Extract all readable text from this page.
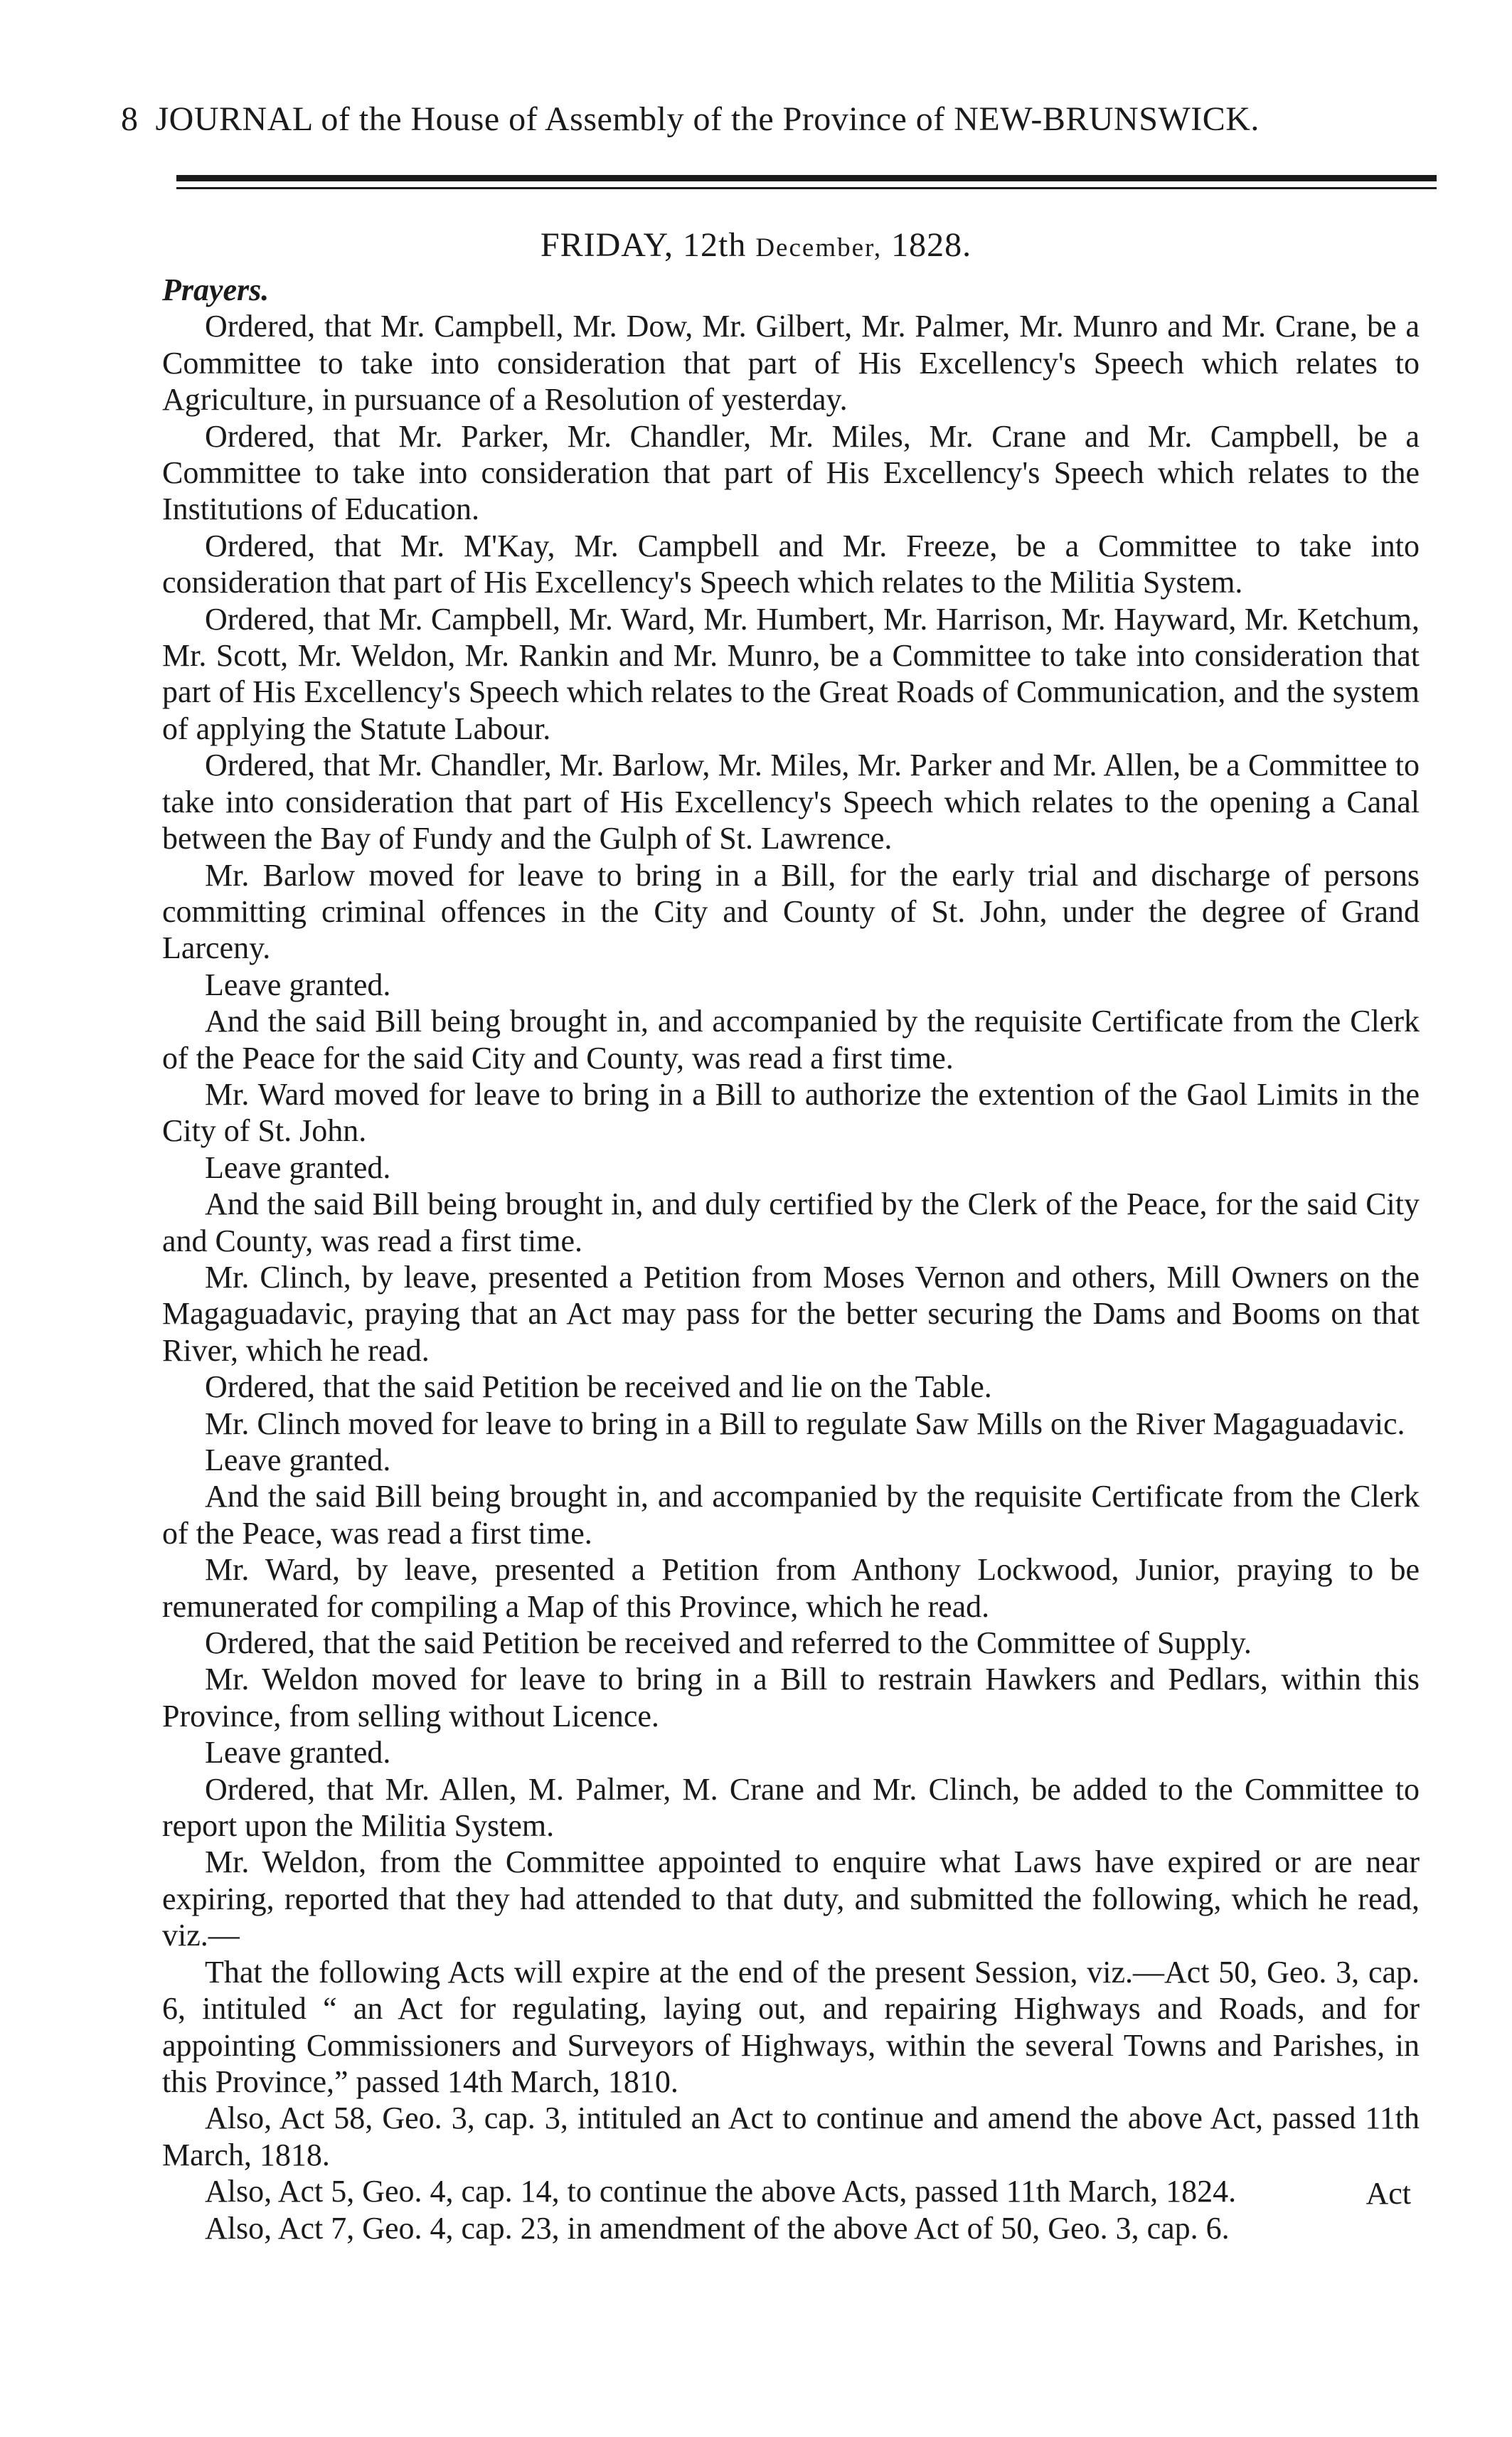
8 JOURNAL of the House of Assembly of the Province of NEW-BRUNSWICK.
FRIDAY, 12th December, 1828.

Prayers.

Ordered, that Mr. Campbell, Mr. Dow, Mr. Gilbert, Mr. Palmer, Mr. Munro and Mr. Crane, be a Committee to take into consideration that part of His Excellency's Speech which relates to Agriculture, in pursuance of a Resolution of yesterday.

Ordered, that Mr. Parker, Mr. Chandler, Mr. Miles, Mr. Crane and Mr. Campbell, be a Committee to take into consideration that part of His Excellency's Speech which relates to the Institutions of Education.

Ordered, that Mr. M'Kay, Mr. Campbell and Mr. Freeze, be a Committee to take into consideration that part of His Excellency's Speech which relates to the Militia System.

Ordered, that Mr. Campbell, Mr. Ward, Mr. Humbert, Mr. Harrison, Mr. Hayward, Mr. Ketchum, Mr. Scott, Mr. Weldon, Mr. Rankin and Mr. Munro, be a Committee to take into consideration that part of His Excellency's Speech which relates to the Great Roads of Communication, and the system of applying the Statute Labour.

Ordered, that Mr. Chandler, Mr. Barlow, Mr. Miles, Mr. Parker and Mr. Allen, be a Committee to take into consideration that part of His Excellency's Speech which relates to the opening a Canal between the Bay of Fundy and the Gulph of St. Lawrence.

Mr. Barlow moved for leave to bring in a Bill, for the early trial and discharge of persons committing criminal offences in the City and County of St. John, under the degree of Grand Larceny.

Leave granted.

And the said Bill being brought in, and accompanied by the requisite Certificate from the Clerk of the Peace for the said City and County, was read a first time.

Mr. Ward moved for leave to bring in a Bill to authorize the extention of the Gaol Limits in the City of St. John.

Leave granted.

And the said Bill being brought in, and duly certified by the Clerk of the Peace, for the said City and County, was read a first time.

Mr. Clinch, by leave, presented a Petition from Moses Vernon and others, Mill Owners on the Magaguadavic, praying that an Act may pass for the better securing the Dams and Booms on that River, which he read.

Ordered, that the said Petition be received and lie on the Table.

Mr. Clinch moved for leave to bring in a Bill to regulate Saw Mills on the River Magaguadavic.

Leave granted.

And the said Bill being brought in, and accompanied by the requisite Certificate from the Clerk of the Peace, was read a first time.

Mr. Ward, by leave, presented a Petition from Anthony Lockwood, Junior, praying to be remunerated for compiling a Map of this Province, which he read.

Ordered, that the said Petition be received and referred to the Committee of Supply.

Mr. Weldon moved for leave to bring in a Bill to restrain Hawkers and Pedlars, within this Province, from selling without Licence.

Leave granted.

Ordered, that Mr. Allen, M. Palmer, M. Crane and Mr. Clinch, be added to the Committee to report upon the Militia System.

Mr. Weldon, from the Committee appointed to enquire what Laws have expired or are near expiring, reported that they had attended to that duty, and submitted the following, which he read, viz.—

That the following Acts will expire at the end of the present Session, viz.—Act 50, Geo. 3, cap. 6, intituled “ an Act for regulating, laying out, and repairing Highways and Roads, and for appointing Commissioners and Surveyors of Highways, within the several Towns and Parishes, in this Province,” passed 14th March, 1810.

Also, Act 58, Geo. 3, cap. 3, intituled an Act to continue and amend the above Act, passed 11th March, 1818.

Also, Act 5, Geo. 4, cap. 14, to continue the above Acts, passed 11th March, 1824.

Also, Act 7, Geo. 4, cap. 23, in amendment of the above Act of 50, Geo. 3, cap. 6.

Act
